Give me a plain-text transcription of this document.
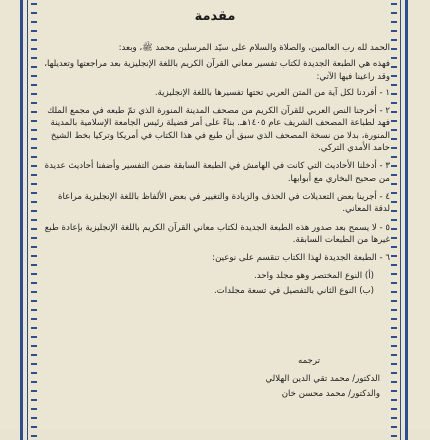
مقدمة

الحمد لله رب العالمين، والصلاة والسلام على سيّد المرسلين محمد ﷺ، وبعد:

فهذه هي الطبعة الجديدة لكتاب تفسير معاني القرآن الكريم باللغة الإنجليزية بعد مراجعتها وتعديلها، وقد راعينا فيها الآتي:

١ - أفردنا لكل آية من المتن العربي تحتها تفسيرها باللغة الإنجليزية.

٢ - أخرجنا النص العربي للقرآن الكريم من مصحف المدينة المنورة الذي تمّ طبعه في مجمع الملك فهد لطباعة المصحف الشريف عام ١٤٠٥هـ. بناءً على أمر فضيلة رئيس الجامعة الإسلامية بالمدينة المنورة، بدلا من نسخة المصحف الذي سبق أن طبع في هذا الكتاب في أمريكا وتركيا بخط الشيخ حامد الأمدي التركي.

٣ - أدخلنا الأحاديث التي كانت في الهامش في الطبعة السابقة ضمن التفسير وأضفنا أحاديث عديدة من صحيح البخاري مع أبوابها.

٤ - أجرينا بعض التعديلات في الحذف والزيادة والتغيير في بعض الألفاظ باللغة الإنجليزية مراعاة لدقة المعاني.

٥ - لا يسمح بعد صدور هذه الطبعة الجديدة لكتاب معاني القرآن الكريم باللغة الإنجليزية بإعادة طبع غيرها من الطبعات السابقة.

٦ - الطبعة الجديدة لهذا الكتاب تنقسم على نوعين:

(أ) النوع المختصر وهو مجلد واحد.

(ب) النوع الثاني بالتفصيل في تسعة مجلدات.

ترجمه

الدكتور/ محمد تقي الدين الهلالي

والدكتور/ محمد محسن خان
